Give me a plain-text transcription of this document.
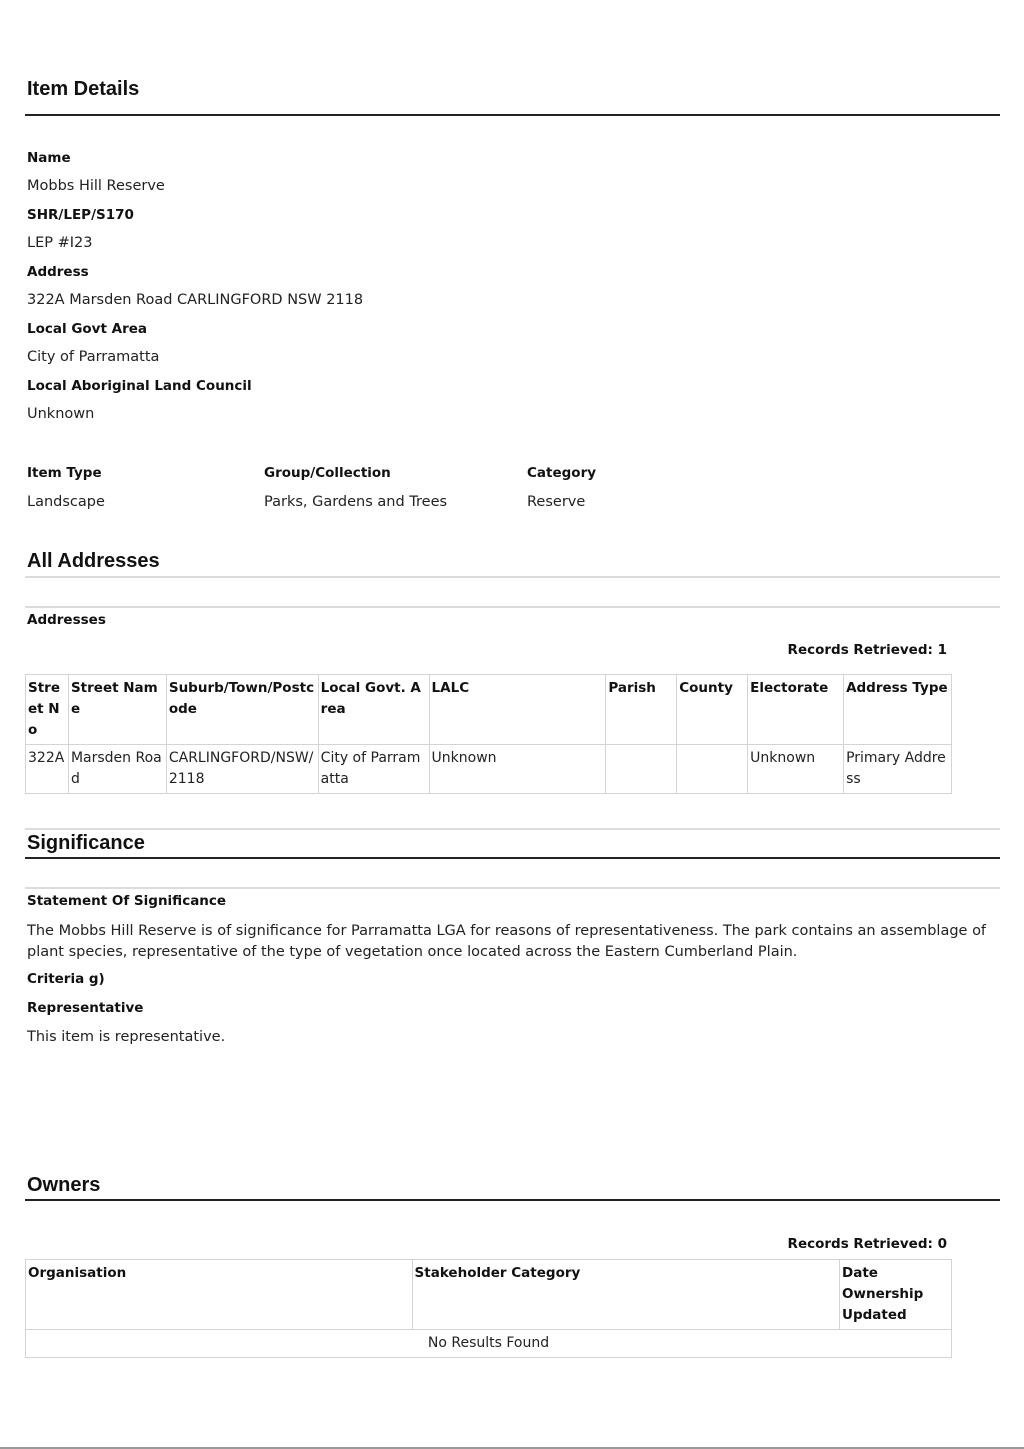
Item Details
Name
Mobbs Hill Reserve
SHR/LEP/S170
LEP #I23
Address
322A Marsden Road CARLINGFORD NSW 2118
Local Govt Area
City of Parramatta
Local Aboriginal Land Council
Unknown
Item Type
Landscape
Group/Collection
Parks, Gardens and Trees
Category
Reserve
All Addresses
Addresses
Records Retrieved: 1
Street No	Street Name	Suburb/Town/Postcode	Local Govt. Area	LALC	Parish	County	Electorate	Address Type
322A	Marsden Road	CARLINGFORD/NSW/2118	City of Parramatta	Unknown			Unknown	Primary Address
Significance
Statement Of Significance
The Mobbs Hill Reserve is of significance for Parramatta LGA for reasons of representativeness. The park contains an assemblage of plant species, representative of the type of vegetation once located across the Eastern Cumberland Plain.
Criteria g)
Representative
This item is representative.
Owners
Records Retrieved: 0
Organisation	Stakeholder Category	Date Ownership Updated
No Results Found
